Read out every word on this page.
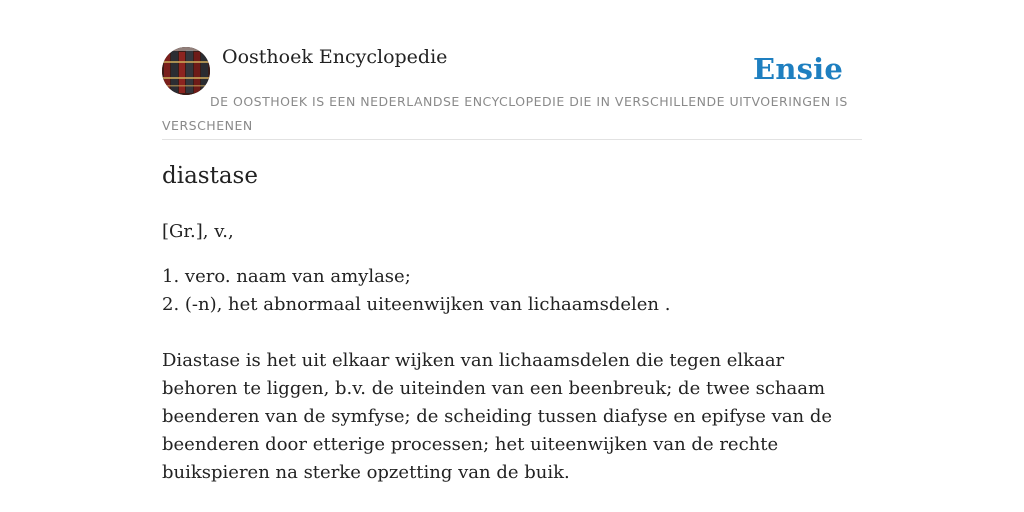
Oosthoek Encyclopedie	Ensie
DE OOSTHOEK IS EEN NEDERLANDSE ENCYCLOPEDIE DIE IN VERSCHILLENDE UITVOERINGEN IS VERSCHENEN
diastase
[Gr.], v.,
1. vero. naam van amylase;
2. (-n), het abnormaal uiteenwijken van lichaamsdelen .
Diastase is het uit elkaar wijken van lichaamsdelen die tegen elkaar behoren te liggen, b.v. de uiteinden van een beenbreuk; de twee schaam beenderen van de symfyse; de scheiding tussen diafyse en epifyse van de beenderen door etterige processen; het uiteenwijken van de rechte buikspieren na sterke opzetting van de buik.
